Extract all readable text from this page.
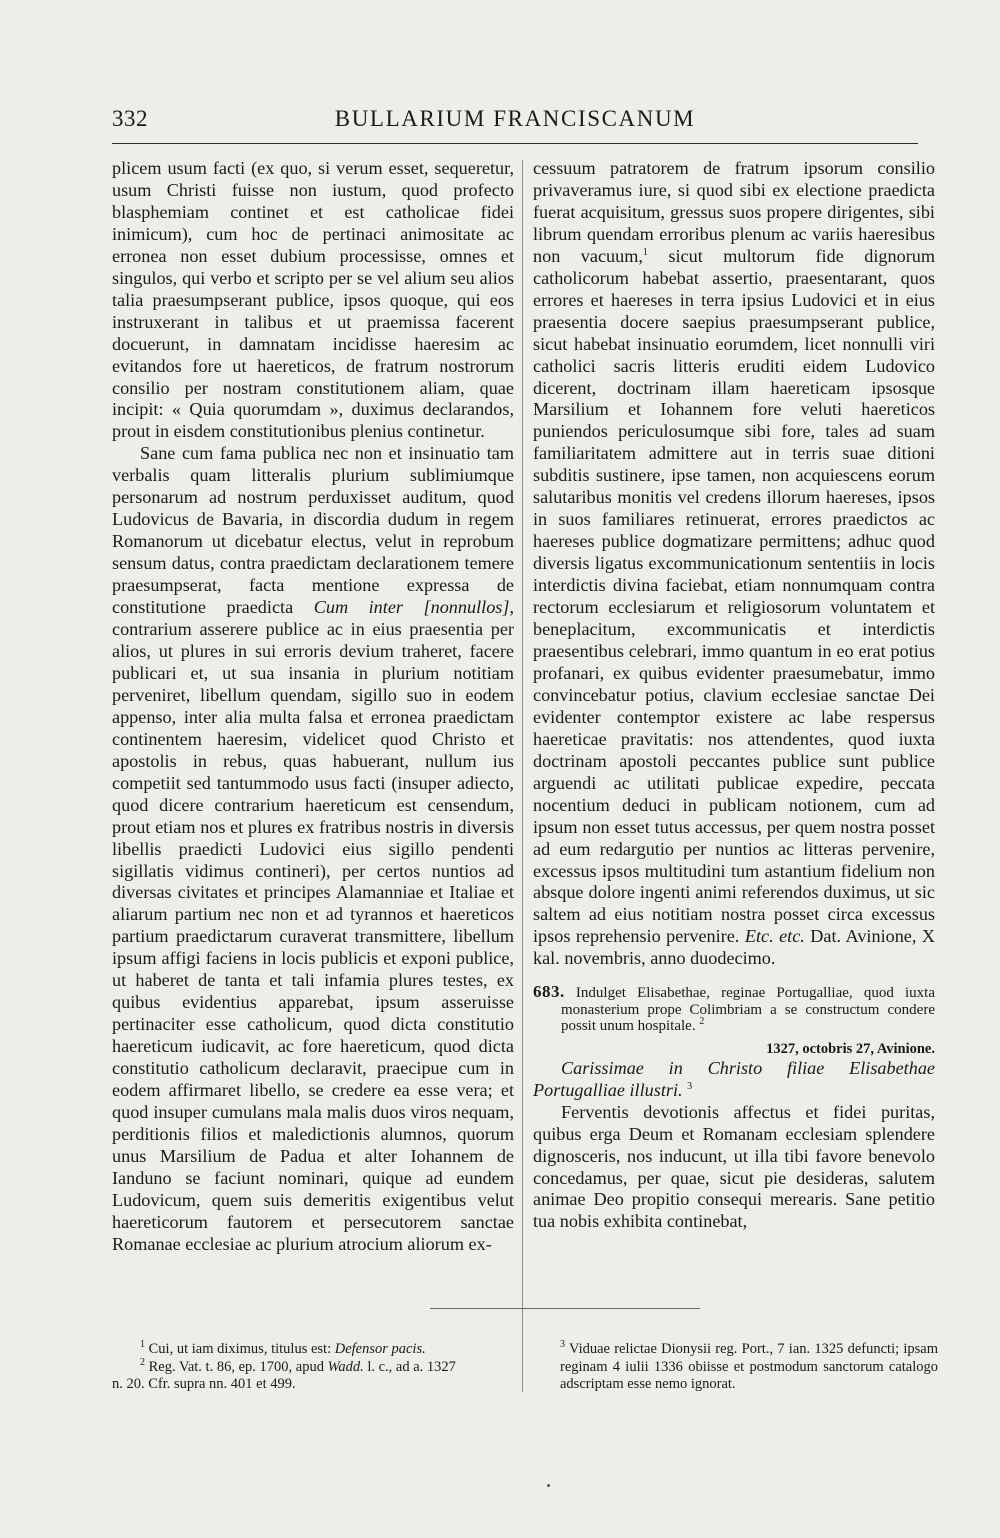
332	BULLARIUM FRANCISCANUM

plicem usum facti (ex quo, si verum esset, sequeretur, usum Christi fuisse non iustum, quod profecto blasphemiam continet et est catholicae fidei inimicum), cum hoc de pertinaci animositate ac erronea non esset dubium processisse, omnes et singulos, qui verbo et scripto per se vel alium seu alios talia praesumpserant publice, ipsos quoque, qui eos instruxerant in talibus et ut praemissa facerent docuerunt, in damnatam incidisse haeresim ac evitandos fore ut haereticos, de fratrum nostrorum consilio per nostram constitutionem aliam, quae incipit: « Quia quorumdam », duximus declarandos, prout in eisdem constitutionibus plenius continetur.

Sane cum fama publica nec non et insinuatio tam verbalis quam litteralis plurium sublimiumque personarum ad nostrum perduxisset auditum, quod Ludovicus de Bavaria, in discordia dudum in regem Romanorum ut dicebatur electus, velut in reprobum sensum datus, contra praedictam declarationem temere praesumpserat, facta mentione expressa de constitutione praedicta Cum inter [nonnullos], contrarium asserere publice ac in eius praesentia per alios, ut plures in sui erroris devium traheret, facere publicari et, ut sua insania in plurium notitiam perveniret, libellum quendam, sigillo suo in eodem appenso, inter alia multa falsa et erronea praedictam continentem haeresim, videlicet quod Christo et apostolis in rebus, quas habuerant, nullum ius competiit sed tantummodo usus facti (insuper adiecto, quod dicere contrarium haereticum est censendum, prout etiam nos et plures ex fratribus nostris in diversis libellis praedicti Ludovici eius sigillo pendenti sigillatis vidimus contineri), per certos nuntios ad diversas civitates et principes Alamanniae et Italiae et aliarum partium nec non et ad tyrannos et haereticos partium praedictarum curaverat transmittere, libellum ipsum affigi faciens in locis publicis et exponi publice, ut haberet de tanta et tali infamia plures testes, ex quibus evidentius apparebat, ipsum asseruisse pertinaciter esse catholicum, quod dicta constitutio haereticum iudicavit, ac fore haereticum, quod dicta constitutio catholicum declaravit, praecipue cum in eodem affirmaret libello, se credere ea esse vera; et quod insuper cumulans mala malis duos viros nequam, perditionis filios et maledictionis alumnos, quorum unus Marsilium de Padua et alter Iohannem de Ianduno se faciunt nominari, quique ad eundem Ludovicum, quem suis demeritis exigentibus velut haereticorum fautorem et persecutorem sanctae Romanae ecclesiae ac plurium atrocium aliorum ex-

cessuum patratorem de fratrum ipsorum consilio privaveramus iure, si quod sibi ex electione praedicta fuerat acquisitum, gressus suos propere dirigentes, sibi librum quendam erroribus plenum ac variis haeresibus non vacuum,$^1$ sicut multorum fide dignorum catholicorum habebat assertio, praesentarant, quos errores et haereses in terra ipsius Ludovici et in eius praesentia docere saepius praesumpserant publice, sicut habebat insinuatio eorumdem, licet nonnulli viri catholici sacris litteris eruditi eidem Ludovico dicerent, doctrinam illam haereticam ipsosque Marsilium et Iohannem fore veluti haereticos puniendos periculosumque sibi fore, tales ad suam familiaritatem admittere aut in terris suae ditioni subditis sustinere, ipse tamen, non acquiescens eorum salutaribus monitis vel credens illorum haereses, ipsos in suos familiares retinuerat, errores praedictos ac haereses publice dogmatizare permittens; adhuc quod diversis ligatus excommunicationum sententiis in locis interdictis divina faciebat, etiam nonnumquam contra rectorum ecclesiarum et religiosorum voluntatem et beneplacitum, excommunicatis et interdictis praesentibus celebrari, immo quantum in eo erat potius profanari, ex quibus evidenter praesumebatur, immo convincebatur potius, clavium ecclesiae sanctae Dei evidenter contemptor existere ac labe respersus haereticae pravitatis: nos attendentes, quod iuxta doctrinam apostoli peccantes publice sunt publice arguendi ac utilitati publicae expedire, peccata nocentium deduci in publicam notionem, cum ad ipsum non esset tutus accessus, per quem nostra posset ad eum redargutio per nuntios ac litteras pervenire, excessus ipsos multitudini tum astantium fidelium non absque dolore ingenti animi referendos duximus, ut sic saltem ad eius notitiam nostra posset circa excessus ipsos reprehensio pervenire. Etc. etc. Dat. Avinione, X kal. novembris, anno duodecimo.

683. Indulget Elisabethae, reginae Portugalliae, quod iuxta monasterium prope Colimbriam a se constructum condere possit unum hospitale. $^2$
1327, octobris 27, Avinione.

Carissimae in Christo filiae Elisabethae Portugalliae illustri. $^3$

Ferventis devotionis affectus et fidei puritas, quibus erga Deum et Romanam ecclesiam splendere dignosceris, nos inducunt, ut illa tibi favore benevolo concedamus, per quae, sicut pie desideras, salutem animae Deo propitio consequi merearis. Sane petitio tua nobis exhibita continebat,

$^1$ Cui, ut iam diximus, titulus est: Defensor pacis.

$^2$ Reg. Vat. t. 86, ep. 1700, apud Wadd. l. c., ad a. 1327

n. 20. Cfr. supra nn. 401 et 499.

$^3$ Viduae relictae Dionysii reg. Port., 7 ian. 1325 defuncti; ipsam reginam 4 iulii 1336 obiisse et postmodum sanctorum catalogo adscriptam esse nemo ignorat.
